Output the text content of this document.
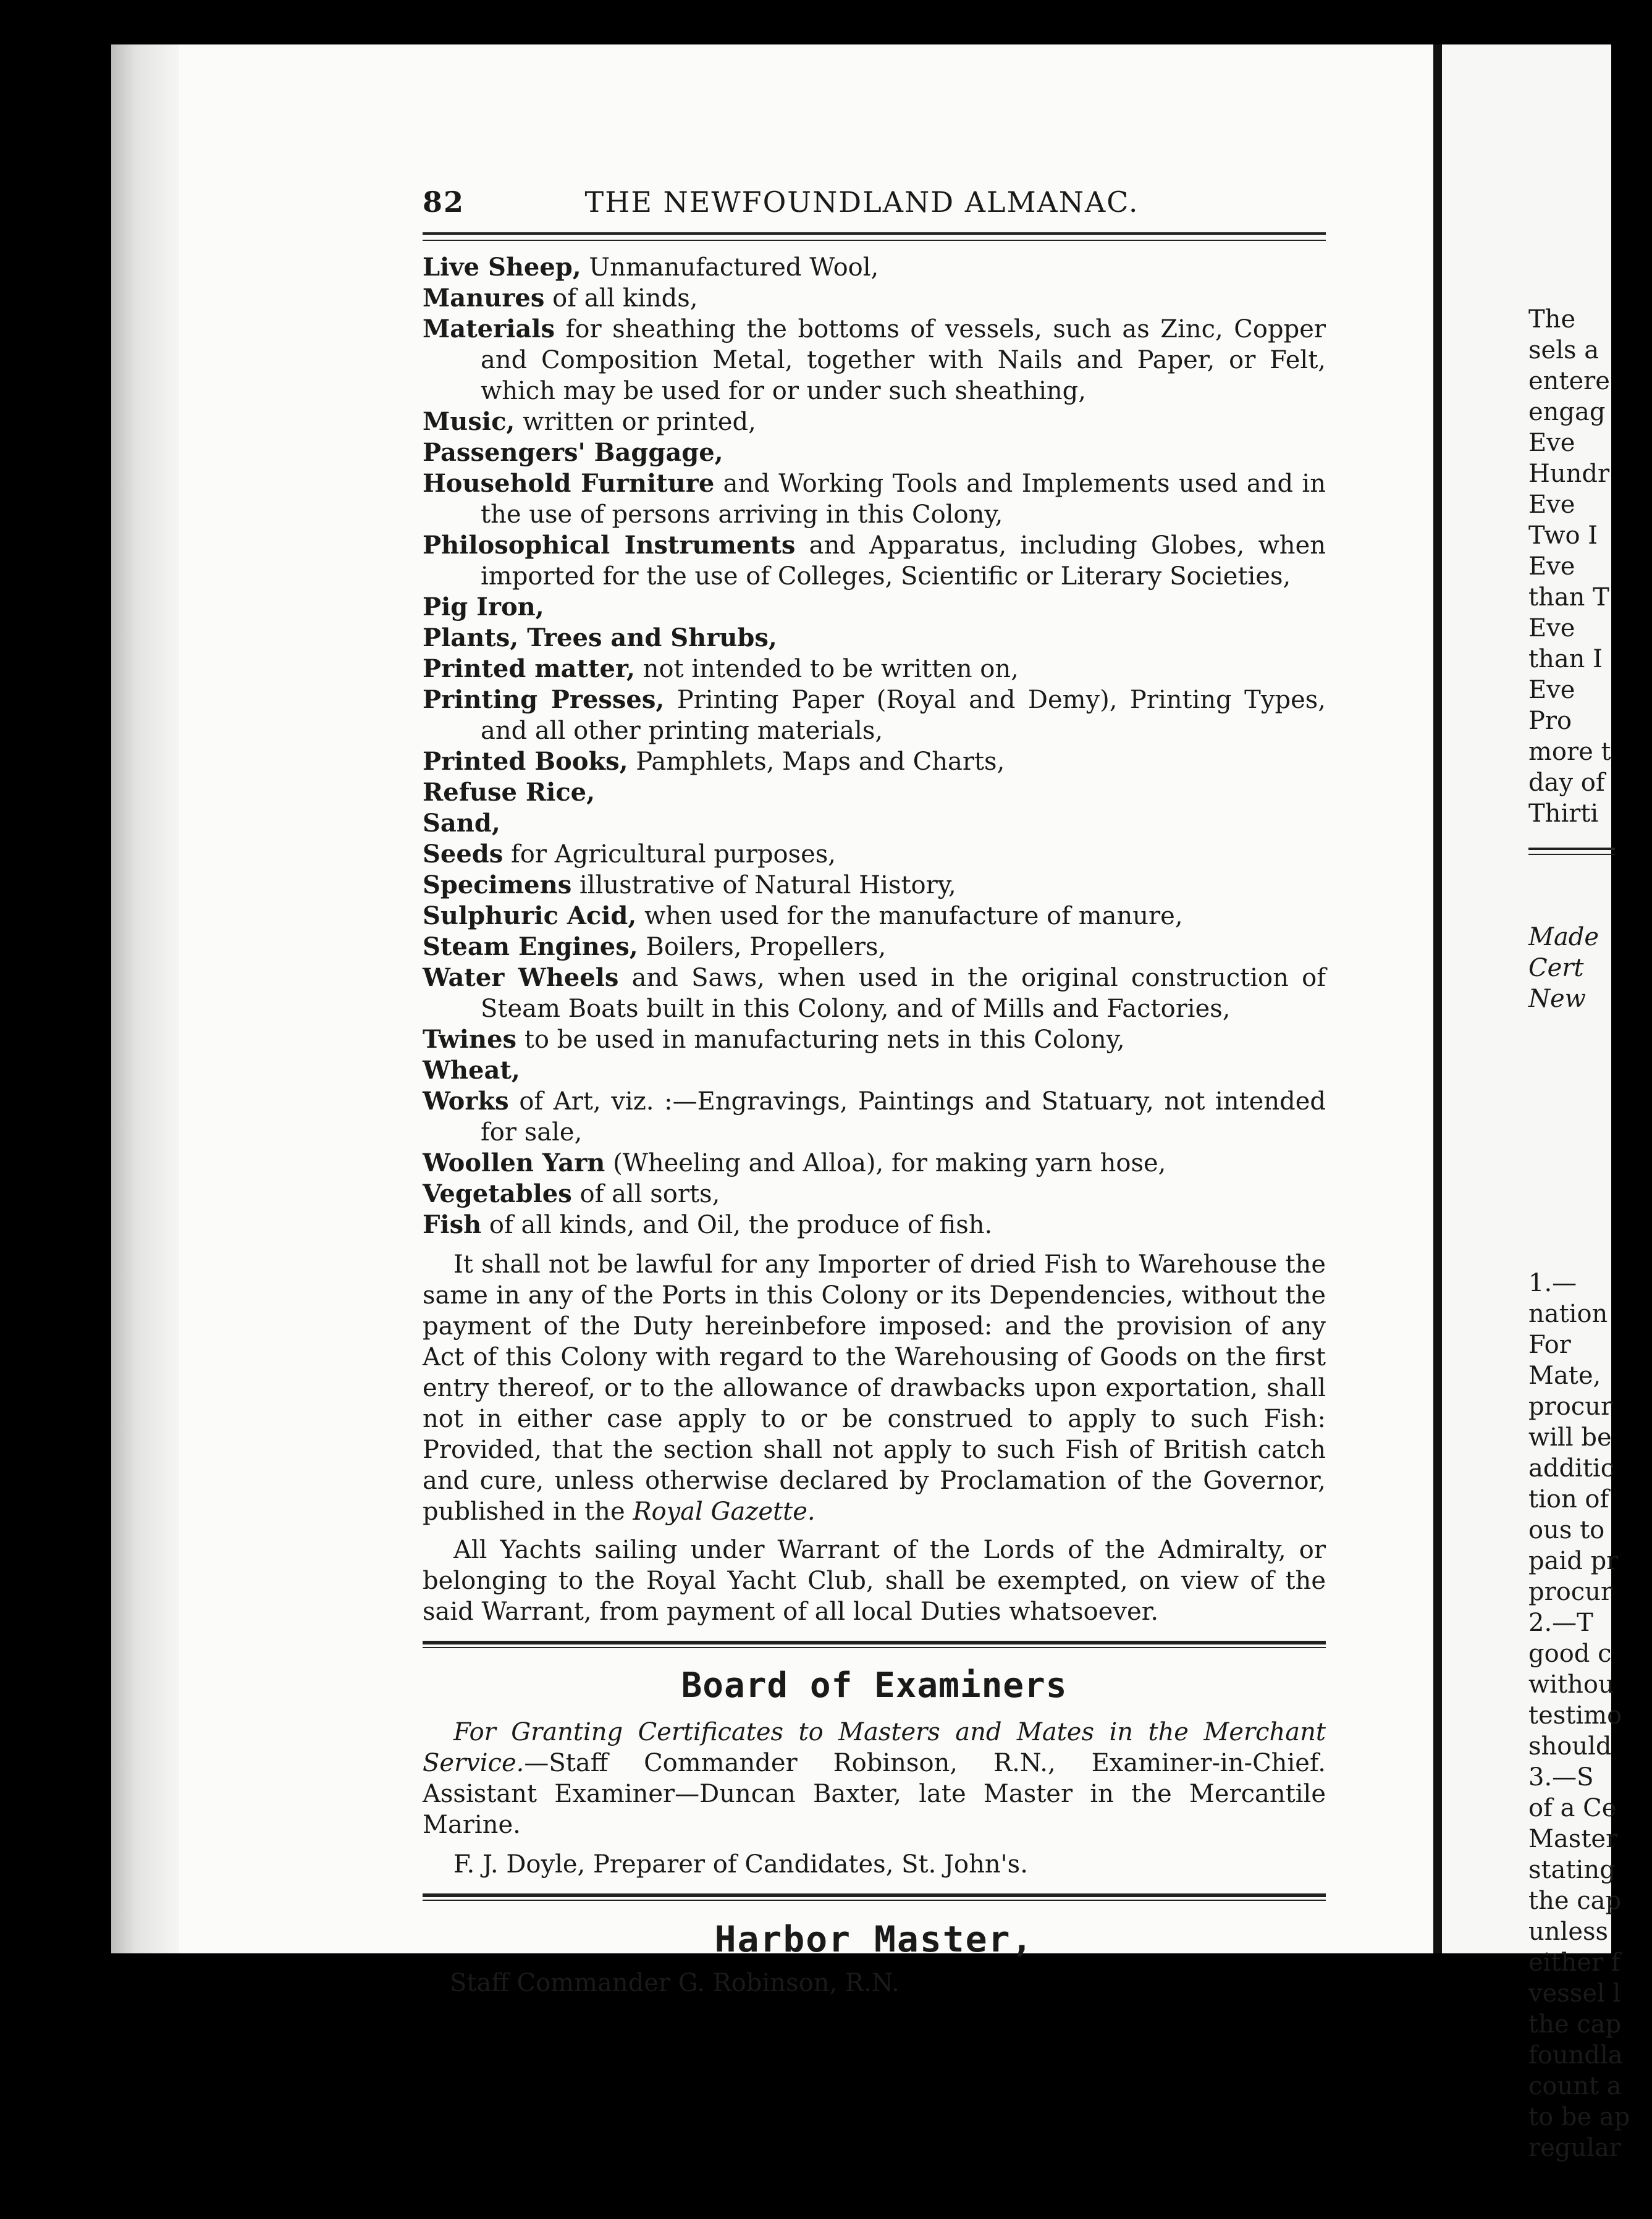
The
sels a
entere
engag
Eve
Hundr
Eve
Two I
Eve
than T
Eve
than I
Eve
Pro
more t
day of
Thirti
Made
Cert
New
1.—
nation
For
Mate,
procur
will be
additic
tion of
ous to
paid pr
procur
2.—T
good c
withou
testimo
should
3.—S
of a Ce
Master
stating
the cap
unless
either f
vessel l
the cap
foundla
count a
to be ap
regular
82	THE NEWFOUNDLAND ALMANAC.
Live Sheep, Unmanufactured Wool,
Manures of all kinds,
Materials for sheathing the bottoms of vessels, such as Zinc, Copper and Composition Metal, together with Nails and Paper, or Felt, which may be used for or under such sheathing,
Music, written or printed,
Passengers' Baggage,
Household Furniture and Working Tools and Implements used and in the use of persons arriving in this Colony,
Philosophical Instruments and Apparatus, including Globes, when imported for the use of Colleges, Scientific or Literary Societies,
Pig Iron,
Plants, Trees and Shrubs,
Printed matter, not intended to be written on,
Printing Presses, Printing Paper (Royal and Demy), Printing Types, and all other printing materials,
Printed Books, Pamphlets, Maps and Charts,
Refuse Rice,
Sand,
Seeds for Agricultural purposes,
Specimens illustrative of Natural History,
Sulphuric Acid, when used for the manufacture of manure,
Steam Engines, Boilers, Propellers,
Water Wheels and Saws, when used in the original construction of Steam Boats built in this Colony, and of Mills and Factories,
Twines to be used in manufacturing nets in this Colony,
Wheat,
Works of Art, viz. :—Engravings, Paintings and Statuary, not intended for sale,
Woollen Yarn (Wheeling and Alloa), for making yarn hose,
Vegetables of all sorts,
Fish of all kinds, and Oil, the produce of fish.

It shall not be lawful for any Importer of dried Fish to Warehouse the same in any of the Ports in this Colony or its Dependencies, without the payment of the Duty hereinbefore imposed: and the provision of any Act of this Colony with regard to the Warehousing of Goods on the first entry thereof, or to the allowance of drawbacks upon exportation, shall not in either case apply to or be construed to apply to such Fish: Provided, that the section shall not apply to such Fish of British catch and cure, unless otherwise declared by Proclamation of the Governor, published in the Royal Gazette.

All Yachts sailing under Warrant of the Lords of the Admiralty, or belonging to the Royal Yacht Club, shall be exempted, on view of the said Warrant, from payment of all local Duties whatsoever.

Board of Examiners

For Granting Certificates to Masters and Mates in the Merchant Service.—Staff Commander Robinson, R.N., Examiner-in-Chief. Assistant Examiner—Duncan Baxter, late Master in the Mercantile Marine.

F. J. Doyle, Preparer of Candidates, St. John's.

Harbor Master,

Staff Commander G. Robinson, R.N.
